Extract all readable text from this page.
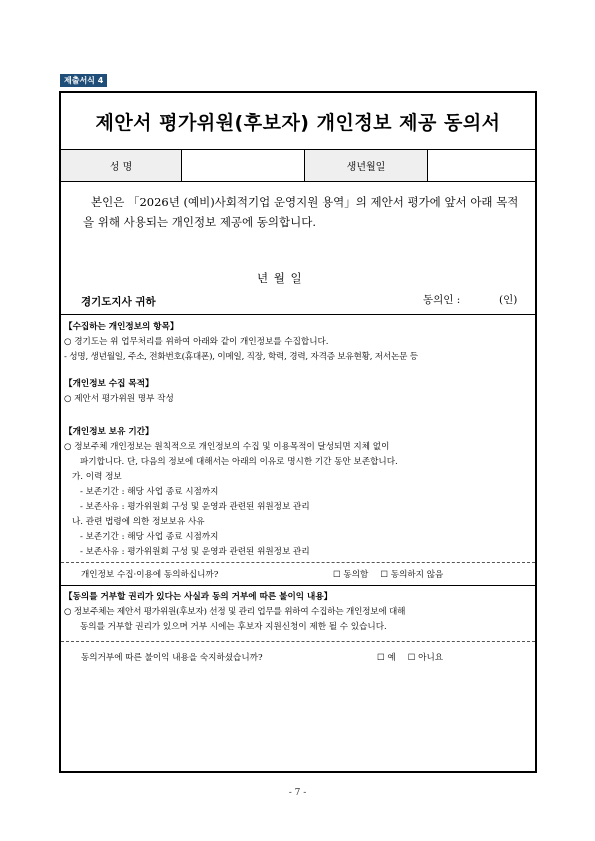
제출서식 4
제안서 평가위원(후보자) 개인정보 제공 동의서
성 명	생년월일
본인은 「2026년 (예비)사회적기업 운영지원 용역」의 제안서 평가에 앞서 아래 목적을 위해 사용되는 개인정보 제공에 동의합니다.
년 월 일
동의인 :	(인)
경기도지사 귀하
【수집하는 개인정보의 항목】
○ 경기도는 위 업무처리를 위하여 아래와 같이 개인정보를 수집합니다.
- 성명, 생년월일, 주소, 전화번호(휴대폰), 이메일, 직장, 학력, 경력, 자격증 보유현황, 저서논문 등
【개인정보 수집 목적】
○ 제안서 평가위원 명부 작성
【개인정보 보유 기간】
○ 정보주체 개인정보는 원칙적으로 개인정보의 수집 및 이용목적이 달성되면 지체 없이
파기합니다. 단, 다음의 정보에 대해서는 아래의 이유로 명시한 기간 동안 보존합니다.
가. 이력 정보
- 보존기간 : 해당 사업 종료 시점까지
- 보존사유 : 평가위원회 구성 및 운영과 관련된 위원정보 관리
나. 관련 법령에 의한 정보보유 사유
- 보존기간 : 해당 사업 종료 시점까지
- 보존사유 : 평가위원회 구성 및 운영과 관련된 위원정보 관리
개인정보 수집·이용에 동의하십니까?	☐ 동의함 ☐ 동의하지 않음
【동의를 거부할 권리가 있다는 사실과 동의 거부에 따른 불이익 내용】
○ 정보주체는 제안서 평가위원(후보자) 선정 및 관리 업무를 위하여 수집하는 개인정보에 대해
동의를 거부할 권리가 있으며 거부 시에는 후보자 지원신청이 제한 될 수 있습니다.
동의거부에 따른 불이익 내용을 숙지하셨습니까?	☐ 예 ☐ 아니요
- 7 -
